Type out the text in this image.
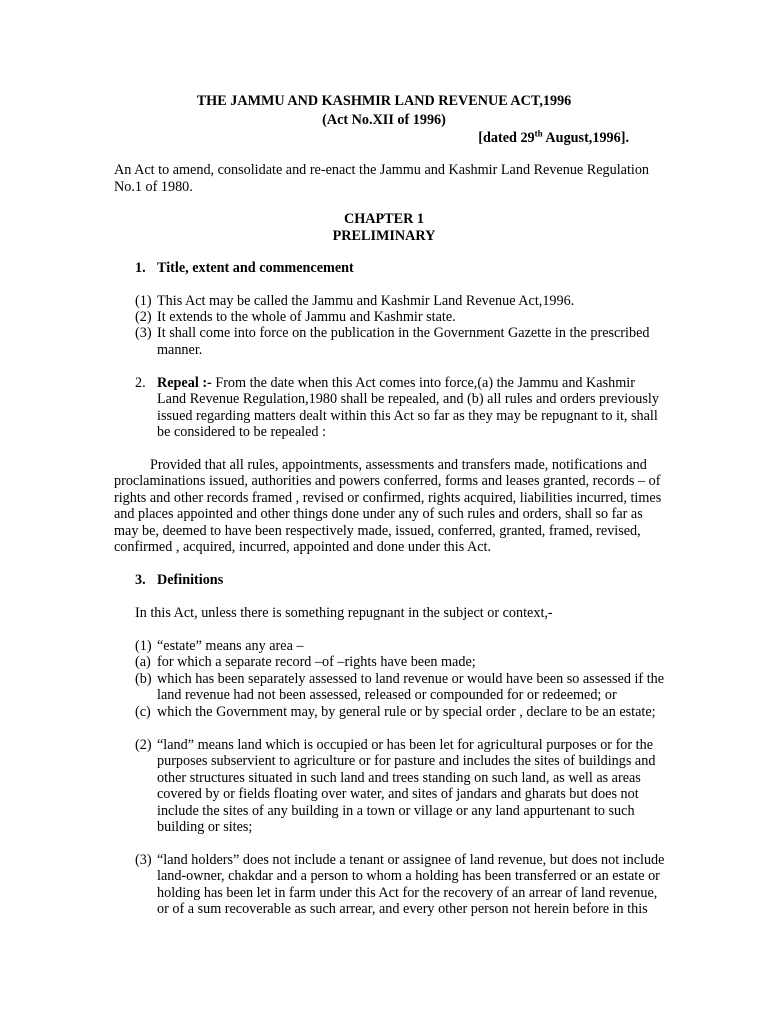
THE JAMMU AND KASHMIR LAND REVENUE ACT,1996
(Act No.XII of 1996)
[dated 29th August,1996].
An Act to amend, consolidate and re-enact the Jammu and Kashmir Land Revenue Regulation
No.1 of 1980.
CHAPTER 1
PRELIMINARY
1. Title, extent and commencement
(1) This Act may be called the Jammu and Kashmir Land Revenue Act,1996.
(2) It extends to the whole of Jammu and Kashmir state.
(3) It shall come into force on the publication in the Government Gazette in the prescribed
manner.
2. Repeal :- From the date when this Act comes into force,(a) the Jammu and Kashmir
Land Revenue Regulation,1980 shall be repealed, and (b) all rules and orders previously
issued regarding matters dealt within this Act so far as they may be repugnant to it, shall
be considered to be repealed :
Provided that all rules, appointments, assessments and transfers made, notifications and
proclaminations issued, authorities and powers conferred, forms and leases granted, records – of
rights and other records framed , revised or confirmed, rights acquired, liabilities incurred, times
and places appointed and other things done under any of such rules and orders, shall so far as
may be, deemed to have been respectively made, issued, conferred, granted, framed, revised,
confirmed , acquired, incurred, appointed and done under this Act.
3. Definitions
In this Act, unless there is something repugnant in the subject or context,-
(1) “estate” means any area –
(a) for which a separate record –of –rights have been made;
(b) which has been separately assessed to land revenue or would have been so assessed if the
land revenue had not been assessed, released or compounded for or redeemed; or
(c) which the Government may, by general rule or by special order , declare to be an estate;
(2) “land” means land which is occupied or has been let for agricultural purposes or for the
purposes subservient to agriculture or for pasture and includes the sites of buildings and
other structures situated in such land and trees standing on such land, as well as areas
covered by or fields floating over water, and sites of jandars and gharats but does not
include the sites of any building in a town or village or any land appurtenant to such
building or sites;
(3) “land holders” does not include a tenant or assignee of land revenue, but does not include
land-owner, chakdar and a person to whom a holding has been transferred or an estate or
holding has been let in farm under this Act for the recovery of an arrear of land revenue,
or of a sum recoverable as such arrear, and every other person not herein before in this
